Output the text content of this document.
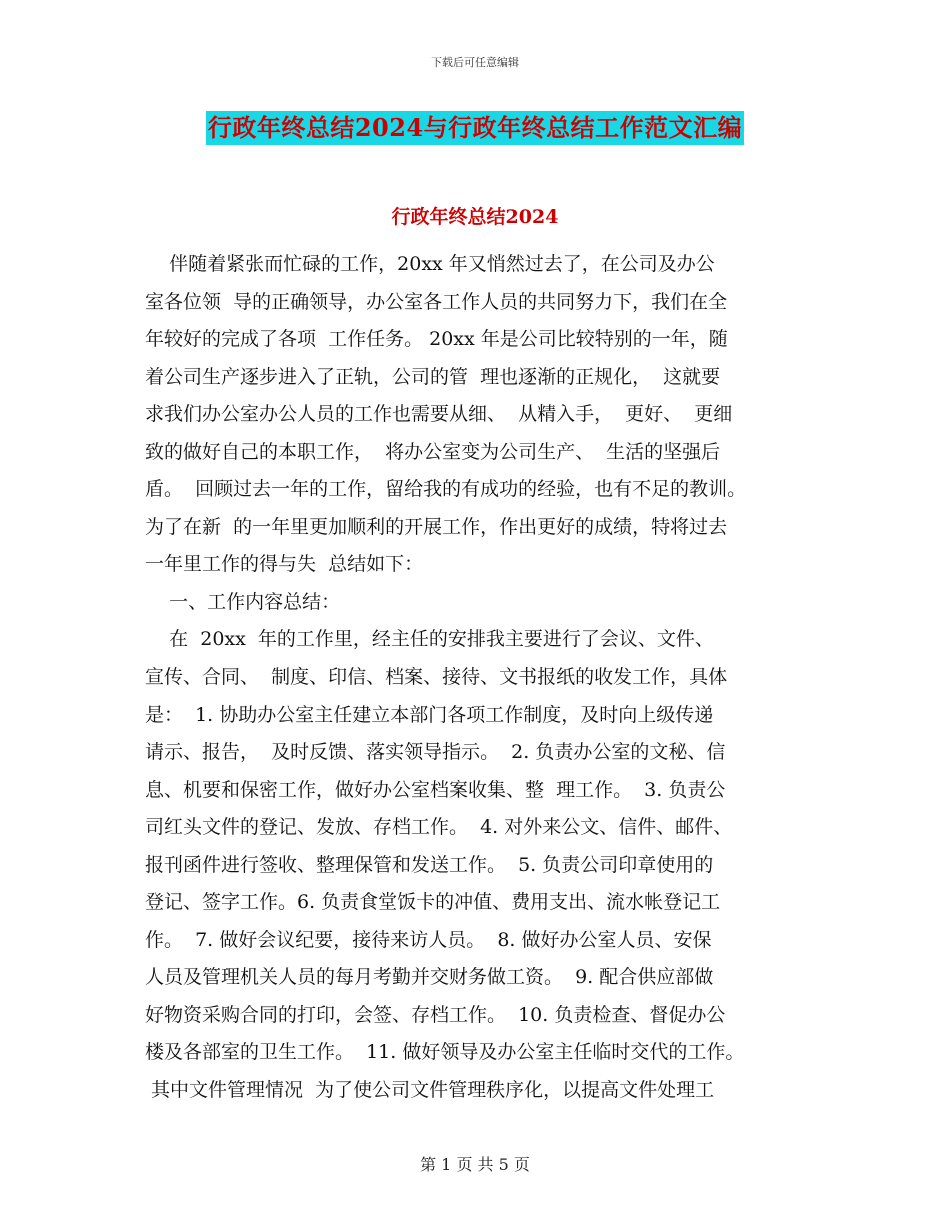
下载后可任意编辑
行政年终总结2024与行政年终总结工作范文汇编
行政年终总结2024
伴随着紧张而忙碌的工作，20xx 年又悄然过去了，在公司及办公
室各位领  导的正确领导，办公室各工作人员的共同努力下，我们在全
年较好的完成了各项  工作任务。 20xx 年是公司比较特别的一年，随
着公司生产逐步进入了正轨，公司的管  理也逐渐的正规化，  这就要
求我们办公室办公人员的工作也需要从细、  从精入手，  更好、  更细
致的做好自己的本职工作，  将办公室变为公司生产、  生活的坚强后
盾。  回顾过去一年的工作，留给我的有成功的经验，也有不足的教训。
为了在新  的一年里更加顺利的开展工作，作出更好的成绩，特将过去
一年里工作的得与失  总结如下：
一、工作内容总结：
在  20xx  年的工作里，经主任的安排我主要进行了会议、文件、
宣传、合同、  制度、印信、档案、接待、文书报纸的收发工作，具体
是：  1. 协助办公室主任建立本部门各项工作制度，及时向上级传递
请示、报告，  及时反馈、落实领导指示。  2. 负责办公室的文秘、信
息、机要和保密工作，做好办公室档案收集、整  理工作。  3. 负责公
司红头文件的登记、发放、存档工作。  4. 对外来公文、信件、邮件、
报刊函件进行签收、整理保管和发送工作。  5. 负责公司印章使用的
登记、签字工作。6. 负责食堂饭卡的冲值、费用支出、流水帐登记工
作。  7. 做好会议纪要，接待来访人员。  8. 做好办公室人员、安保
人员及管理机关人员的每月考勤并交财务做工资。  9. 配合供应部做
好物资采购合同的打印，会签、存档工作。  10. 负责检查、督促办公
楼及各部室的卫生工作。  11. 做好领导及办公室主任临时交代的工作。
其中文件管理情况  为了使公司文件管理秩序化，以提高文件处理工
第 1 页 共 5 页
